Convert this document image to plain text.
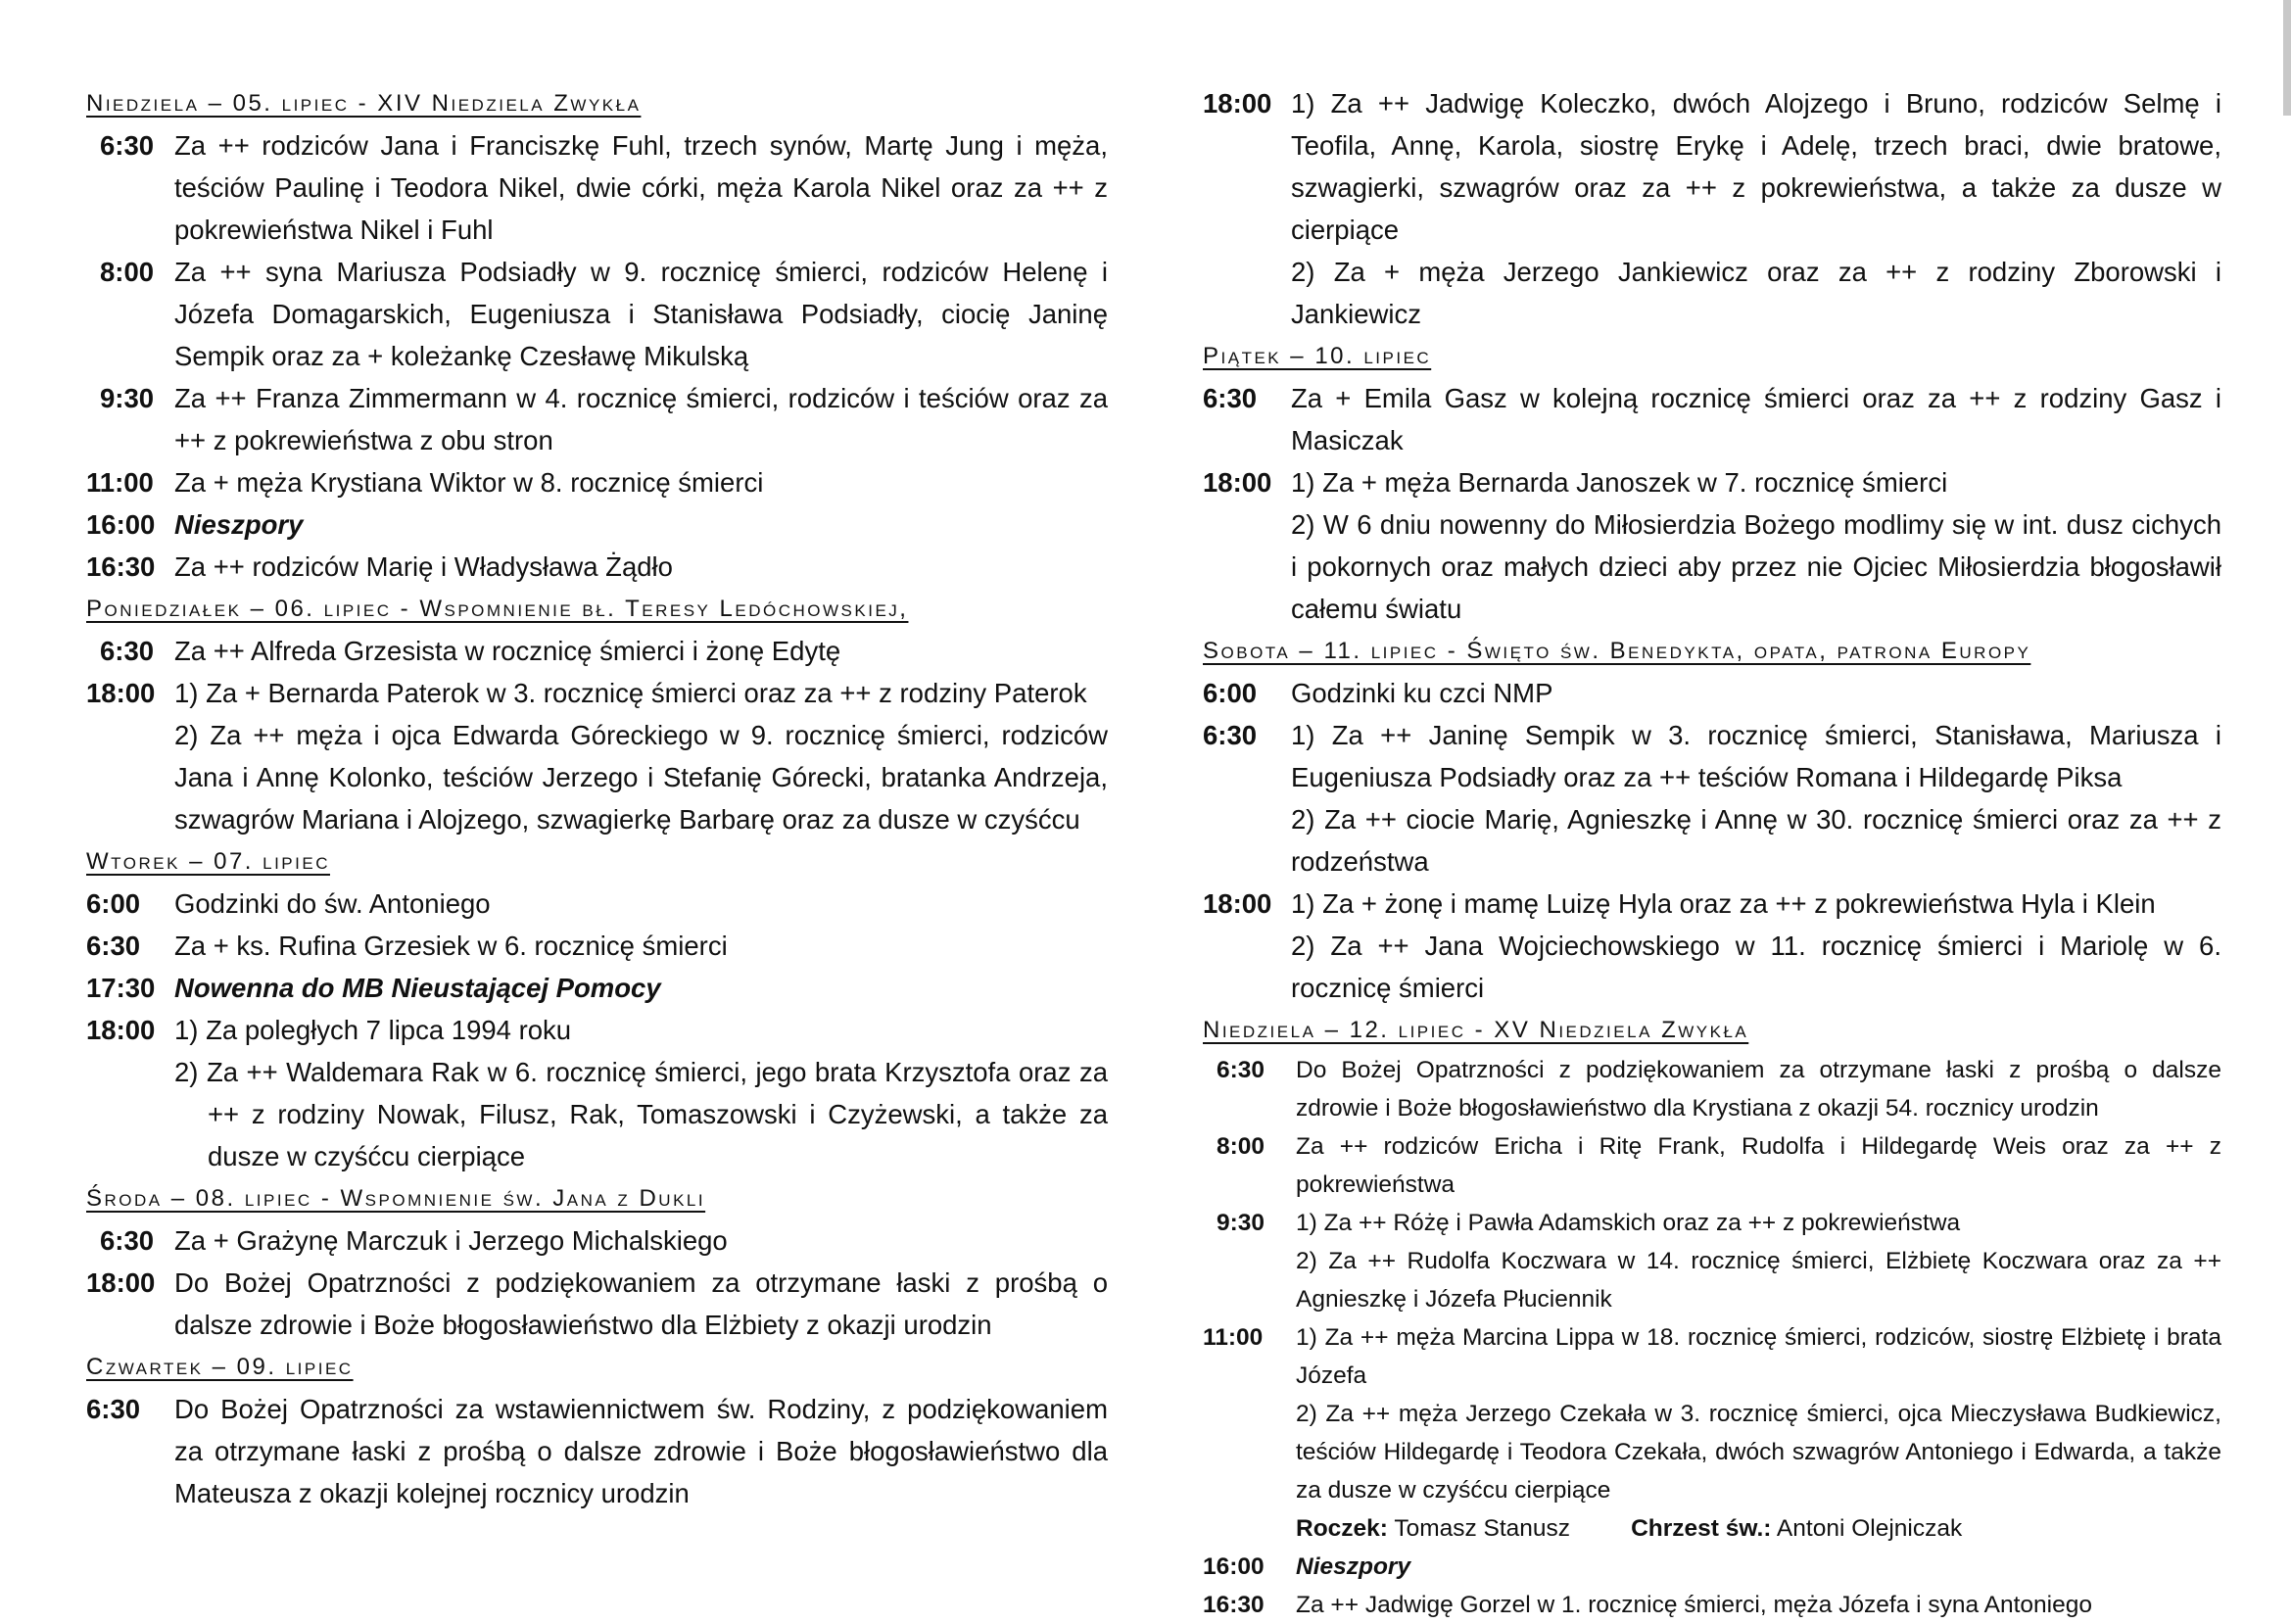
Niedziela – 05. lipiec - XIV Niedziela Zwykła
6:30 Za ++ rodziców Jana i Franciszkę Fuhl, trzech synów, Martę Jung i męża, teściów Paulinę i Teodora Nikel, dwie córki, męża Karola Nikel oraz za ++ z pokrewieństwa Nikel i Fuhl
8:00 Za ++ syna Mariusza Podsiadły w 9. rocznicę śmierci, rodziców Helenę i Józefa Domagarskich, Eugeniusza i Stanisława Podsiadły, ciocię Janinę Sempik oraz za + koleżankę Czesławę Mikulską
9:30 Za ++ Franza Zimmermann w 4. rocznicę śmierci, rodziców i teściów oraz za ++ z pokrewieństwa z obu stron
11:00 Za + męża Krystiana Wiktor w 8. rocznicę śmierci
16:00 Nieszpory
16:30 Za ++ rodziców Marię i Władysława Żądło
Poniedziałek – 06. lipiec - Wspomnienie bł. Teresy Ledóchowskiej,
6:30 Za ++ Alfreda Grzesista w rocznicę śmierci i żonę Edytę
18:00 1) Za + Bernarda Paterok w 3. rocznicę śmierci oraz za ++ z rodziny Paterok
2) Za ++ męża i ojca Edwarda Góreckiego w 9. rocznicę śmierci, rodziców Jana i Annę Kolonko, teściów Jerzego i Stefanię Górecki, bratanka Andrzeja, szwagrów Mariana i Alojzego, szwagierkę Barbarę oraz za dusze w czyśćcu
Wtorek – 07. lipiec
6:00	Godzinki do św. Antoniego
6:30	Za + ks. Rufina Grzesiek w 6. rocznicę śmierci
17:30 Nowenna do MB Nieustającej Pomocy
18:00 1) Za poległych 7 lipca 1994 roku
2) Za ++ Waldemara Rak w 6. rocznicę śmierci, jego brata Krzysztofa oraz za ++ z rodziny Nowak, Filusz, Rak, Tomaszowski i Czyżewski, a także za dusze w czyśćcu cierpiące
Środa – 08. lipiec - Wspomnienie św. Jana z Dukli
6:30 Za + Grażynę Marczuk i Jerzego Michalskiego
18:00 Do Bożej Opatrzności z podziękowaniem za otrzymane łaski z prośbą o dalsze zdrowie i Boże błogosławieństwo dla Elżbiety z okazji urodzin
Czwartek – 09. lipiec
6:30	Do Bożej Opatrzności za wstawiennictwem św. Rodziny, z podziękowaniem za otrzymane łaski z prośbą o dalsze zdrowie i Boże błogosławieństwo dla Mateusza z okazji kolejnej rocznicy urodzin
18:00 1) Za ++ Jadwigę Koleczko, dwóch Alojzego i Bruno, rodziców Selmę i Teofila, Annę, Karola, siostrę Erykę i Adelę, trzech braci, dwie bratowe, szwagierki, szwagrów oraz za ++ z pokrewieństwa, a także za dusze w cierpiące
2) Za + męża Jerzego Jankiewicz oraz za ++ z rodziny Zborowski i Jankiewicz
Piątek – 10. lipiec
6:30	Za + Emila Gasz w kolejną rocznicę śmierci oraz za ++ z rodziny Gasz i Masiczak
18:00 1) Za + męża Bernarda Janoszek w 7. rocznicę śmierci
2) W 6 dniu nowenny do Miłosierdzia Bożego modlimy się w int. dusz cichych i pokornych oraz małych dzieci aby przez nie Ojciec Miłosierdzia błogosławił całemu światu
Sobota – 11. lipiec - Święto św. Benedykta, opata, patrona Europy
6:00	Godzinki ku czci NMP
6:30	1) Za ++ Janinę Sempik w 3. rocznicę śmierci, Stanisława, Mariusza i Eugeniusza Podsiadły oraz za ++ teściów Romana i Hildegardę Piksa
2) Za ++ ciocie Marię, Agnieszkę i Annę w 30. rocznicę śmierci oraz za ++ z rodzeństwa
18:00 1) Za + żonę i mamę Luizę Hyla oraz za ++ z pokrewieństwa Hyla i Klein
2) Za ++ Jana Wojciechowskiego w 11. rocznicę śmierci i Mariolę w 6. rocznicę śmierci
Niedziela – 12. lipiec - XV Niedziela Zwykła
6:30	Do Bożej Opatrzności z podziękowaniem za otrzymane łaski z prośbą o dalsze zdrowie i Boże błogosławieństwo dla Krystiana z okazji 54. rocznicy urodzin
8:00	Za ++ rodziców Ericha i Ritę Frank, Rudolfa i Hildegardę Weis oraz za ++ z pokrewieństwa
9:30	1) Za ++ Różę i Pawła Adamskich oraz za ++ z pokrewieństwa
2) Za ++ Rudolfa Koczwara w 14. rocznicę śmierci, Elżbietę Koczwara oraz za ++ Agnieszkę i Józefa Płuciennik
11:00	1) Za ++ męża Marcina Lippa w 18. rocznicę śmierci, rodziców, siostrę Elżbietę i brata Józefa
2) Za ++ męża Jerzego Czekała w 3. rocznicę śmierci, ojca Mieczysława Budkiewicz, teściów Hildegardę i Teodora Czekała, dwóch szwagrów Antoniego i Edwarda, a także za dusze w czyśćcu cierpiące
Roczek: Tomasz Stanusz	Chrzest św.: Antoni Olejniczak
16:00	Nieszpory
16:30	Za ++ Jadwigę Gorzel w 1. rocznicę śmierci, męża Józefa i syna Antoniego
